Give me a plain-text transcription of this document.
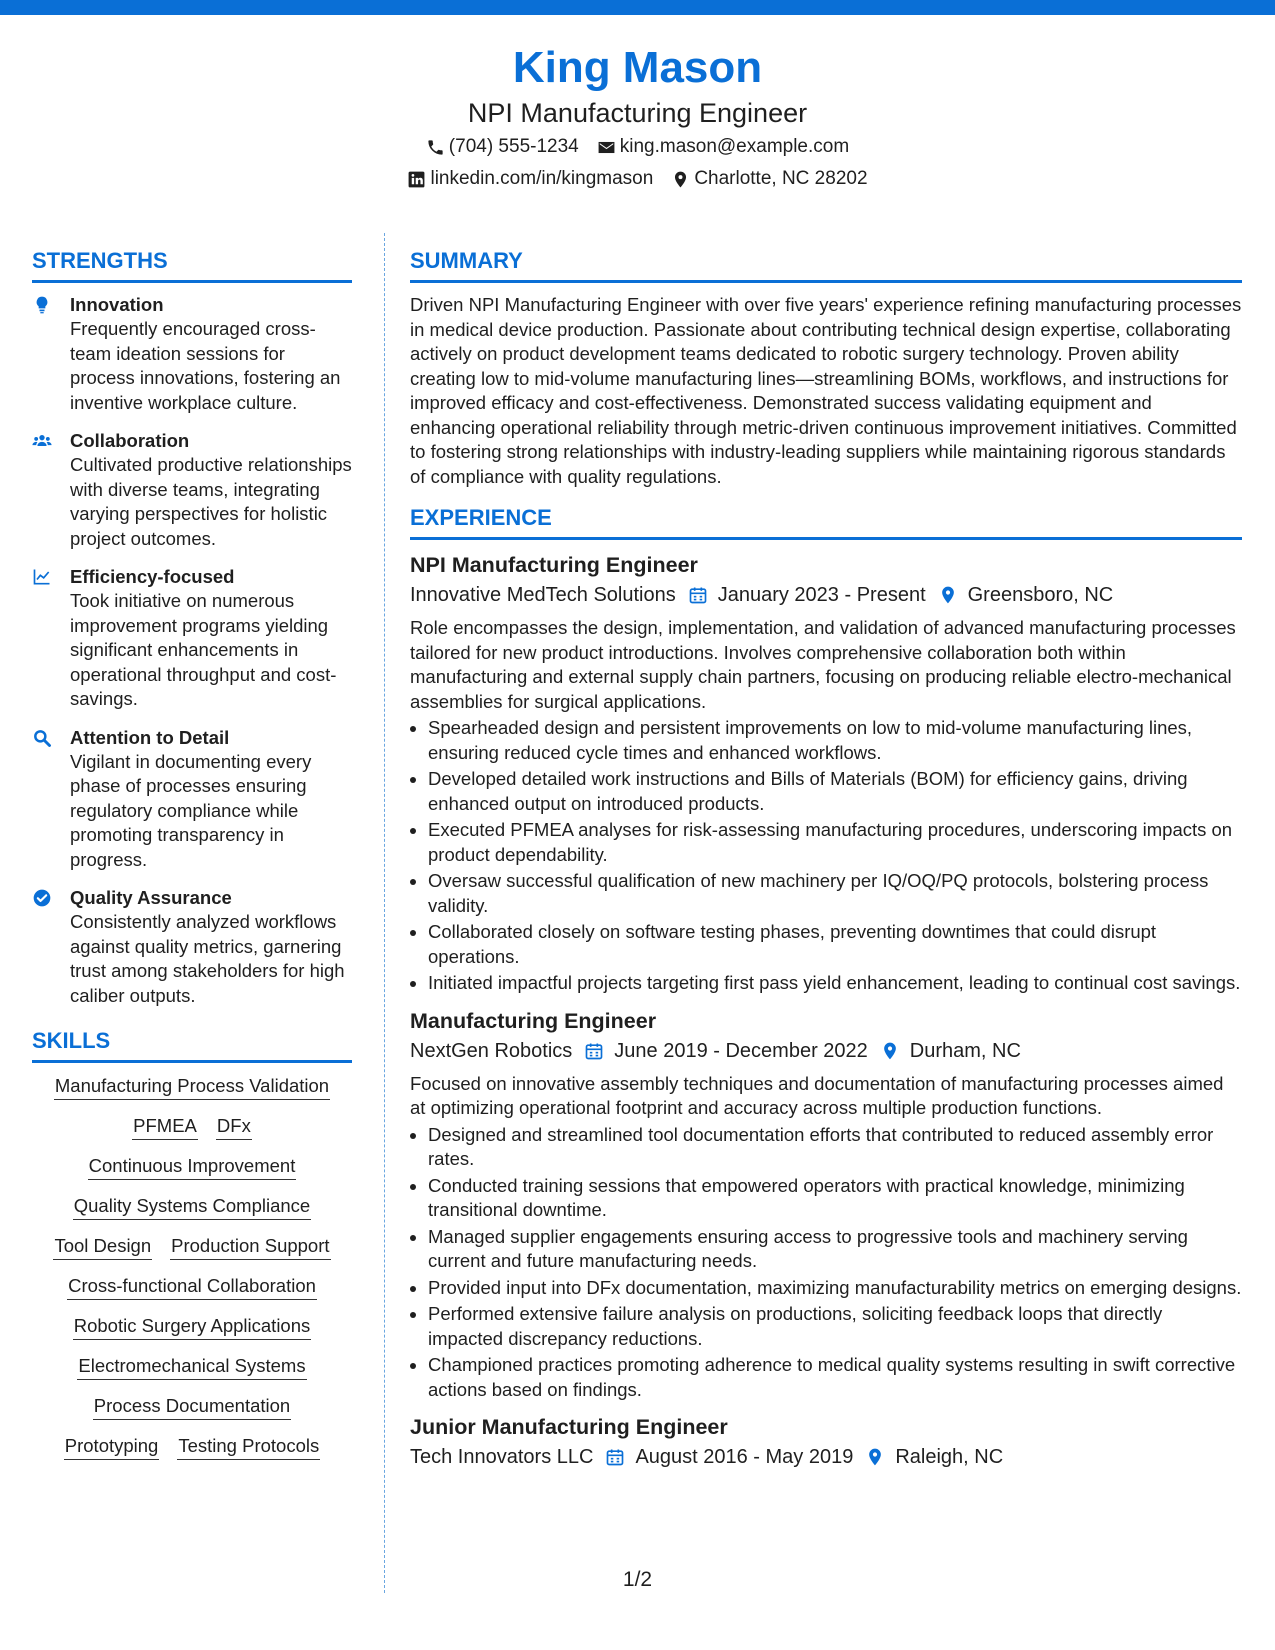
King Mason
NPI Manufacturing Engineer
(704) 555-1234 king.mason@example.com
linkedin.com/in/kingmason Charlotte, NC 28202
STRENGTHS
Innovation
Frequently encouraged cross-team ideation sessions for process innovations, fostering an inventive workplace culture.
Collaboration
Cultivated productive relationships with diverse teams, integrating varying perspectives for holistic project outcomes.
Efficiency-focused
Took initiative on numerous improvement programs yielding significant enhancements in operational throughput and cost-savings.
Attention to Detail
Vigilant in documenting every phase of processes ensuring regulatory compliance while promoting transparency in progress.
Quality Assurance
Consistently analyzed workflows against quality metrics, garnering trust among stakeholders for high caliber outputs.
SKILLS
Manufacturing Process Validation
PFMEA DFx
Continuous Improvement
Quality Systems Compliance
Tool Design Production Support
Cross-functional Collaboration
Robotic Surgery Applications
Electromechanical Systems
Process Documentation
Prototyping Testing Protocols
SUMMARY
Driven NPI Manufacturing Engineer with over five years' experience refining manufacturing processes in medical device production. Passionate about contributing technical design expertise, collaborating actively on product development teams dedicated to robotic surgery technology. Proven ability creating low to mid-volume manufacturing lines—streamlining BOMs, workflows, and instructions for improved efficacy and cost-effectiveness. Demonstrated success validating equipment and enhancing operational reliability through metric-driven continuous improvement initiatives. Committed to fostering strong relationships with industry-leading suppliers while maintaining rigorous standards of compliance with quality regulations.
EXPERIENCE
NPI Manufacturing Engineer
Innovative MedTech Solutions January 2023 - Present Greensboro, NC
Role encompasses the design, implementation, and validation of advanced manufacturing processes tailored for new product introductions. Involves comprehensive collaboration both within manufacturing and external supply chain partners, focusing on producing reliable electro-mechanical assemblies for surgical applications.
• Spearheaded design and persistent improvements on low to mid-volume manufacturing lines, ensuring reduced cycle times and enhanced workflows.
• Developed detailed work instructions and Bills of Materials (BOM) for efficiency gains, driving enhanced output on introduced products.
• Executed PFMEA analyses for risk-assessing manufacturing procedures, underscoring impacts on product dependability.
• Oversaw successful qualification of new machinery per IQ/OQ/PQ protocols, bolstering process validity.
• Collaborated closely on software testing phases, preventing downtimes that could disrupt operations.
• Initiated impactful projects targeting first pass yield enhancement, leading to continual cost savings.
Manufacturing Engineer
NextGen Robotics June 2019 - December 2022 Durham, NC
Focused on innovative assembly techniques and documentation of manufacturing processes aimed at optimizing operational footprint and accuracy across multiple production functions.
• Designed and streamlined tool documentation efforts that contributed to reduced assembly error rates.
• Conducted training sessions that empowered operators with practical knowledge, minimizing transitional downtime.
• Managed supplier engagements ensuring access to progressive tools and machinery serving current and future manufacturing needs.
• Provided input into DFx documentation, maximizing manufacturability metrics on emerging designs.
• Performed extensive failure analysis on productions, soliciting feedback loops that directly impacted discrepancy reductions.
• Championed practices promoting adherence to medical quality systems resulting in swift corrective actions based on findings.
Junior Manufacturing Engineer
Tech Innovators LLC August 2016 - May 2019 Raleigh, NC
1/2
